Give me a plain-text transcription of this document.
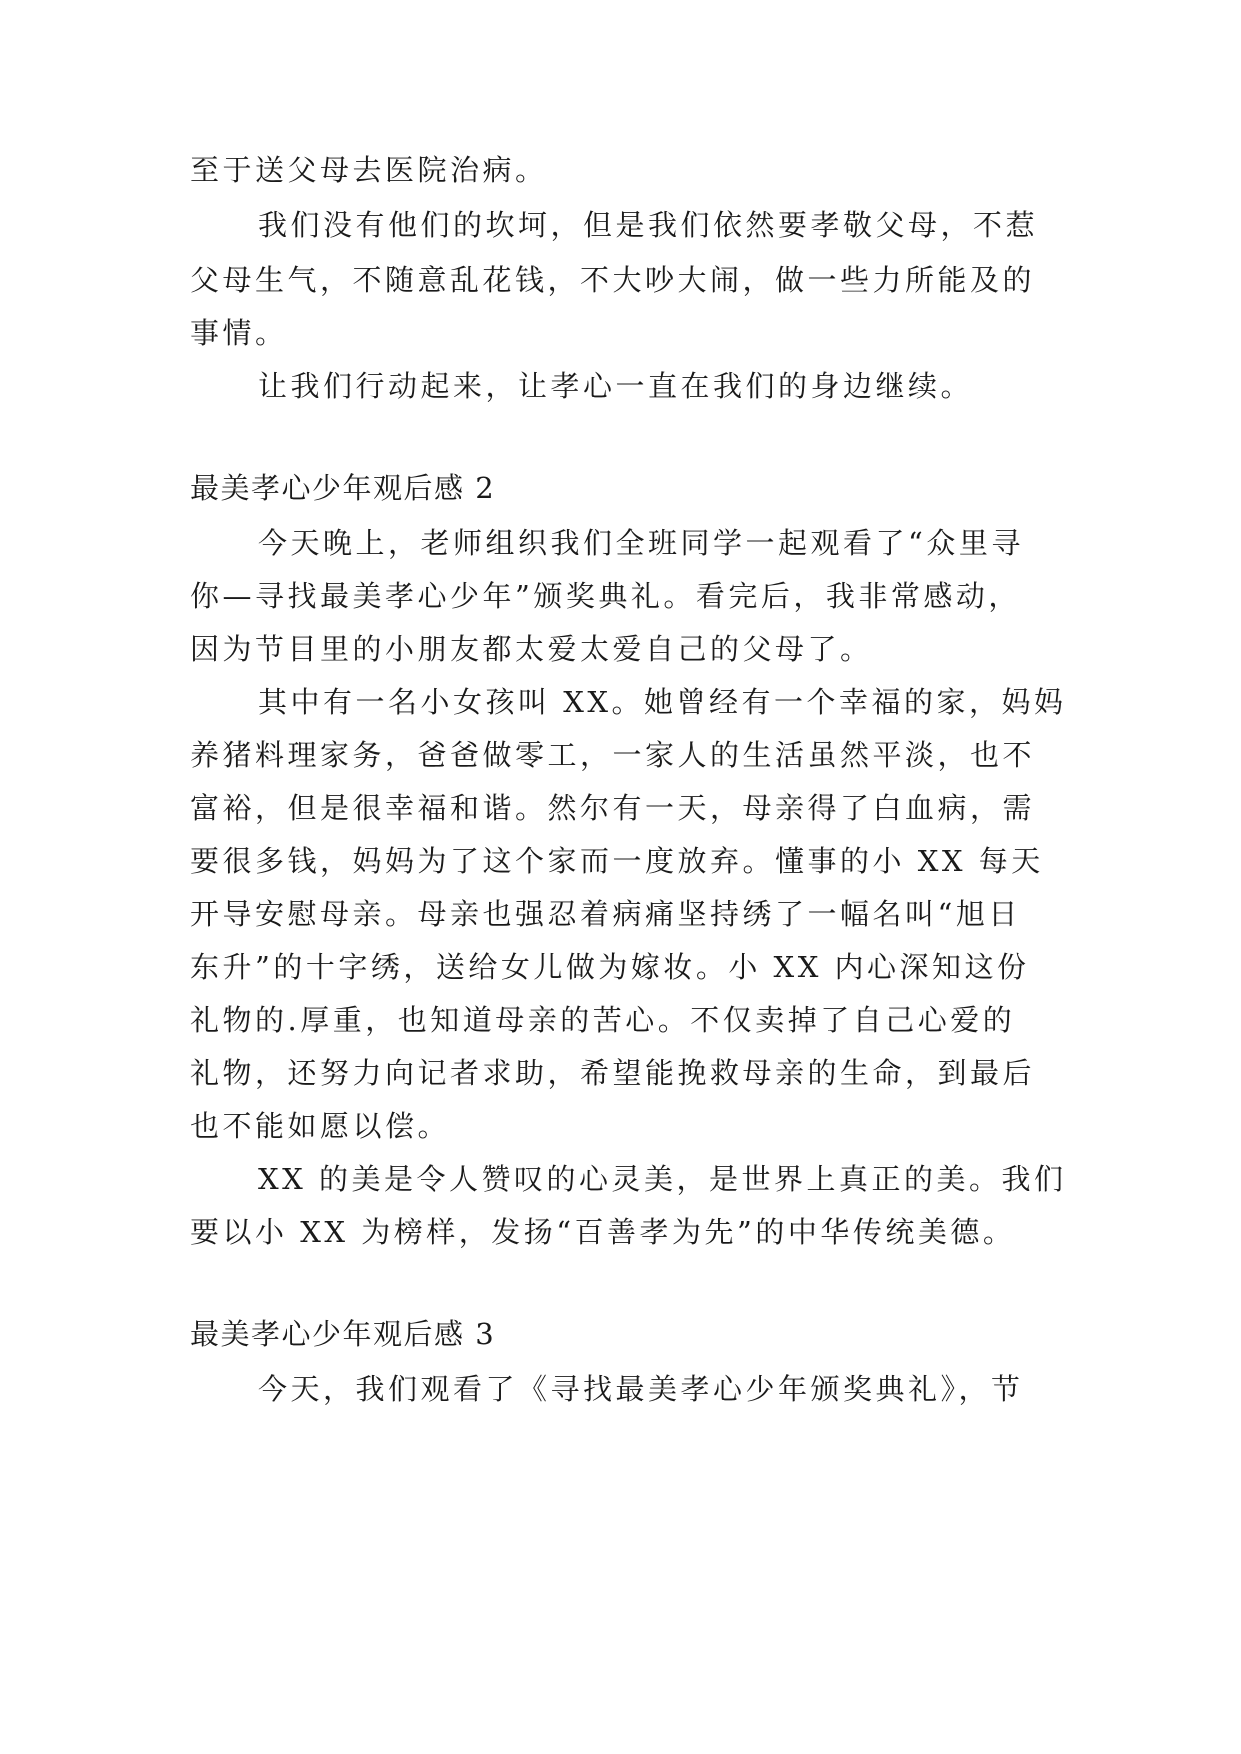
至于送父母去医院治病。
我们没有他们的坎坷，但是我们依然要孝敬父母，不惹
父母生气，不随意乱花钱，不大吵大闹，做一些力所能及的
事情。
让我们行动起来，让孝心一直在我们的身边继续。
最美孝心少年观后感 2
今天晚上，老师组织我们全班同学一起观看了“众里寻
你—寻找最美孝心少年”颁奖典礼。看完后，我非常感动，
因为节目里的小朋友都太爱太爱自己的父母了。
其中有一名小女孩叫 XX。她曾经有一个幸福的家，妈妈
养猪料理家务，爸爸做零工，一家人的生活虽然平淡，也不
富裕，但是很幸福和谐。然尔有一天，母亲得了白血病，需
要很多钱，妈妈为了这个家而一度放弃。懂事的小 XX 每天
开导安慰母亲。母亲也强忍着病痛坚持绣了一幅名叫“旭日
东升”的十字绣，送给女儿做为嫁妆。小 XX 内心深知这份
礼物的.厚重，也知道母亲的苦心。不仅卖掉了自己心爱的
礼物，还努力向记者求助，希望能挽救母亲的生命，到最后
也不能如愿以偿。
XX 的美是令人赞叹的心灵美，是世界上真正的美。我们
要以小 XX 为榜样，发扬“百善孝为先”的中华传统美德。
最美孝心少年观后感 3
今天，我们观看了《寻找最美孝心少年颁奖典礼》，节
